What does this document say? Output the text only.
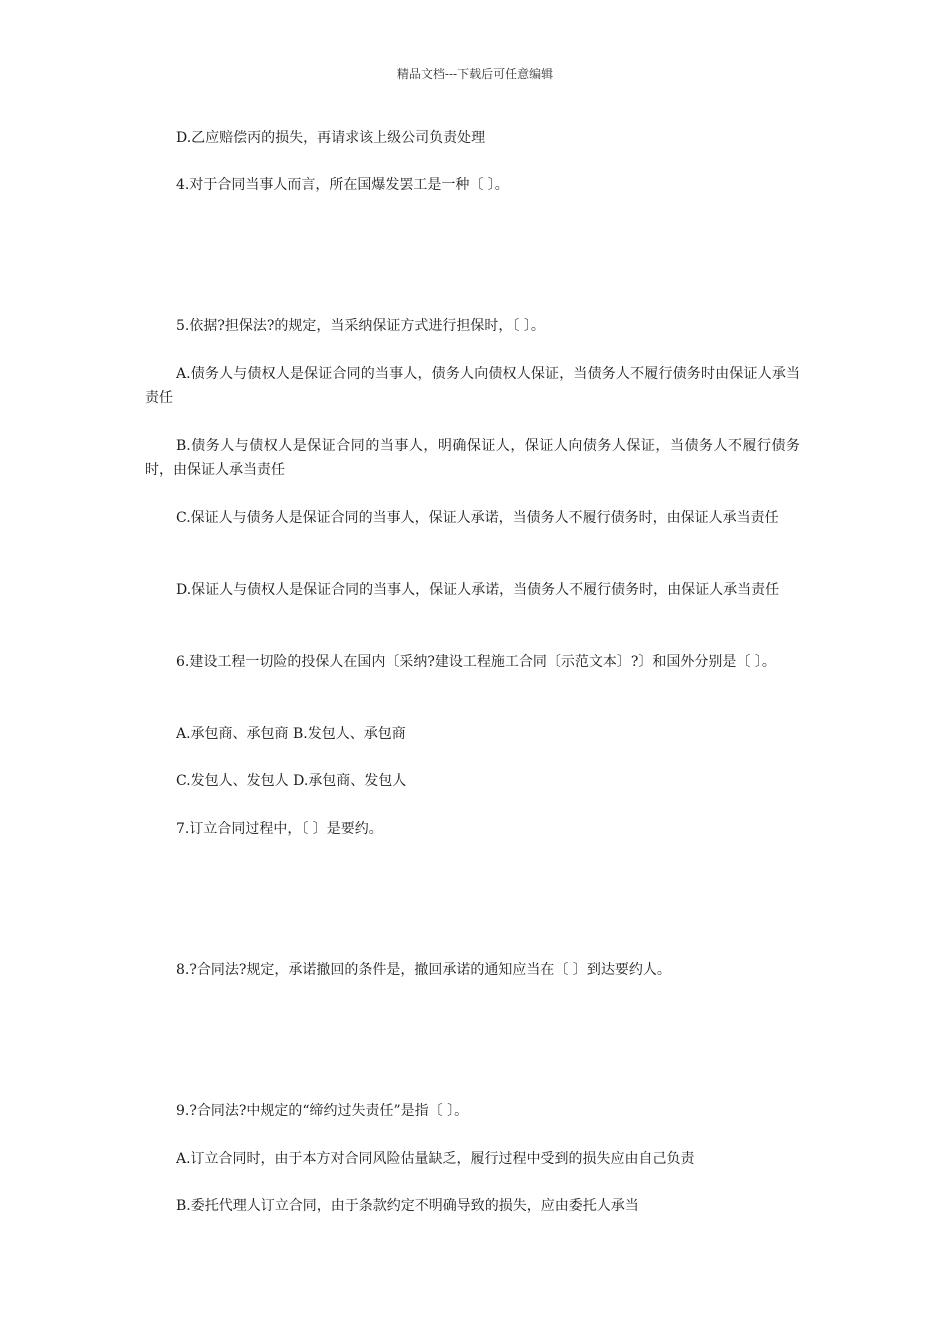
精品文档---下载后可任意编辑
D.乙应赔偿丙的损失，再请求该上级公司负责处理
4.对于合同当事人而言，所在国爆发罢工是一种〔 〕。
5.依据?担保法?的规定，当采纳保证方式进行担保时，〔 〕。
A.债务人与债权人是保证合同的当事人，债务人向债权人保证，当债务人不履行债务时由保证人承当责任
B.债务人与债权人是保证合同的当事人，明确保证人，保证人向债务人保证，当债务人不履行债务时，由保证人承当责任
C.保证人与债务人是保证合同的当事人，保证人承诺，当债务人不履行债务时，由保证人承当责任
D.保证人与债权人是保证合同的当事人，保证人承诺，当债务人不履行债务时，由保证人承当责任
6.建设工程一切险的投保人在国内〔采纳?建设工程施工合同〔示范文本〕?〕和国外分别是〔 〕。
A.承包商、承包商 B.发包人、承包商
C.发包人、发包人 D.承包商、发包人
7.订立合同过程中，〔 〕是要约。
8.?合同法?规定，承诺撤回的条件是，撤回承诺的通知应当在〔 〕到达要约人。
9.?合同法?中规定的“缔约过失责任”是指〔 〕。
A.订立合同时，由于本方对合同风险估量缺乏，履行过程中受到的损失应由自己负责
B.委托代理人订立合同，由于条款约定不明确导致的损失，应由委托人承当
